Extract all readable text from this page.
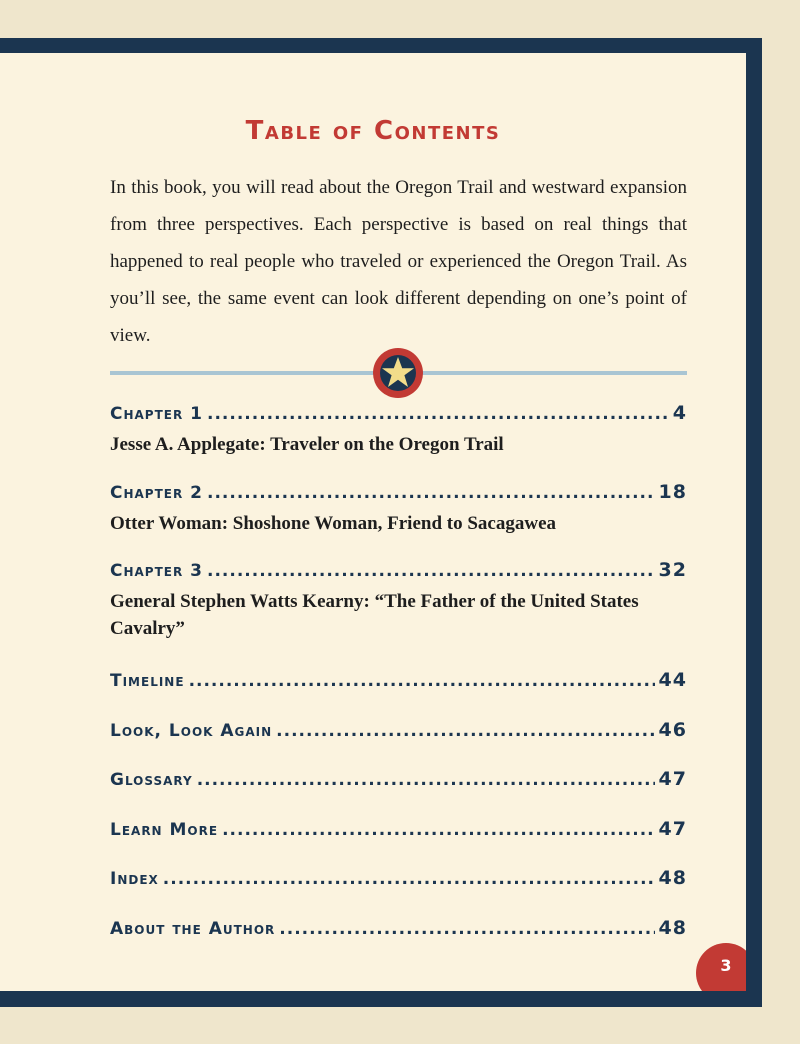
Table of Contents

In this book, you will read about the Oregon Trail and westward expansion from three perspectives. Each perspective is based on real things that happened to real people who traveled or experienced the Oregon Trail. As you’ll see, the same event can look different depending on one’s point of view.

Chapter 1 .....	4
Jesse A. Applegate: Traveler on the Oregon Trail
Chapter 2 .....	18
Otter Woman: Shoshone Woman, Friend to Sacagawea
Chapter 3 .....	32
General Stephen Watts Kearny: “The Father of the United States Cavalry”
Timeline .....	44
Look, Look Again .....	46
Glossary .....	47
Learn More .....	47
Index .....	48
About the Author .....	48
3
